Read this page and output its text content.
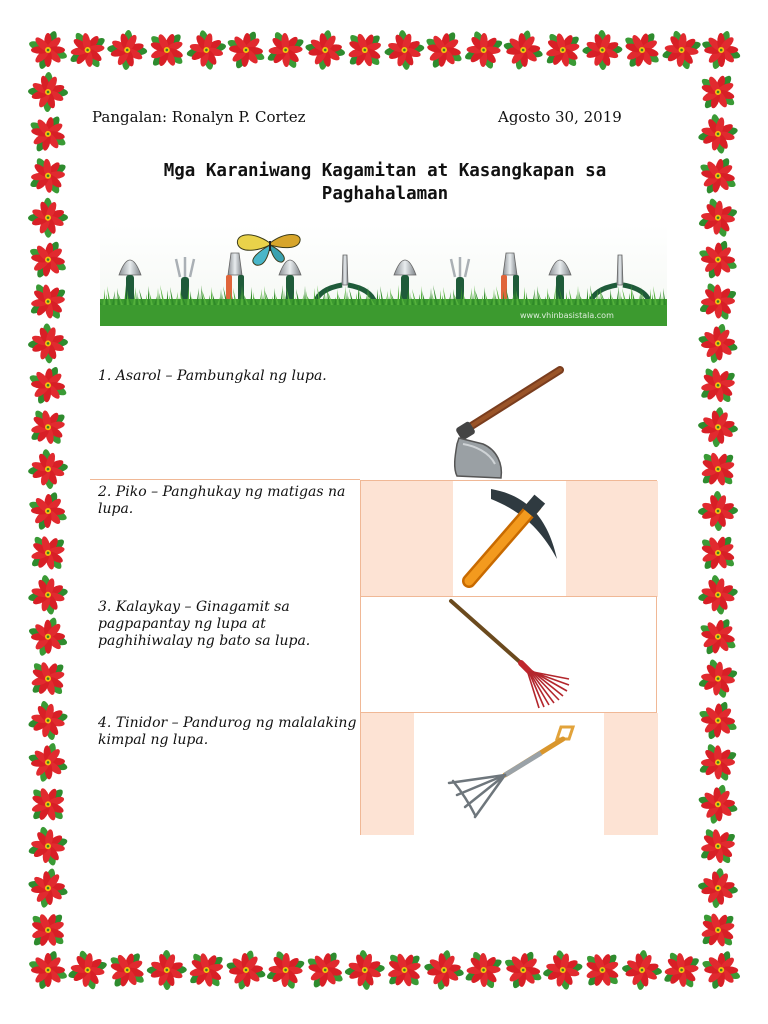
Pangalan: Ronalyn P. Cortez	Agosto 30, 2019
Mga Karaniwang Kagamitan at Kasangkapan sa Paghahalaman
www.vhinbasistala.com
1. Asarol – Pambungkal ng lupa.
2. Piko – Panghukay ng matigas na lupa.
3. Kalaykay – Ginagamit sa pagpapantay ng lupa at paghihiwalay ng bato sa lupa.
4. Tinidor – Pandurog ng malalaking kimpal ng lupa.
